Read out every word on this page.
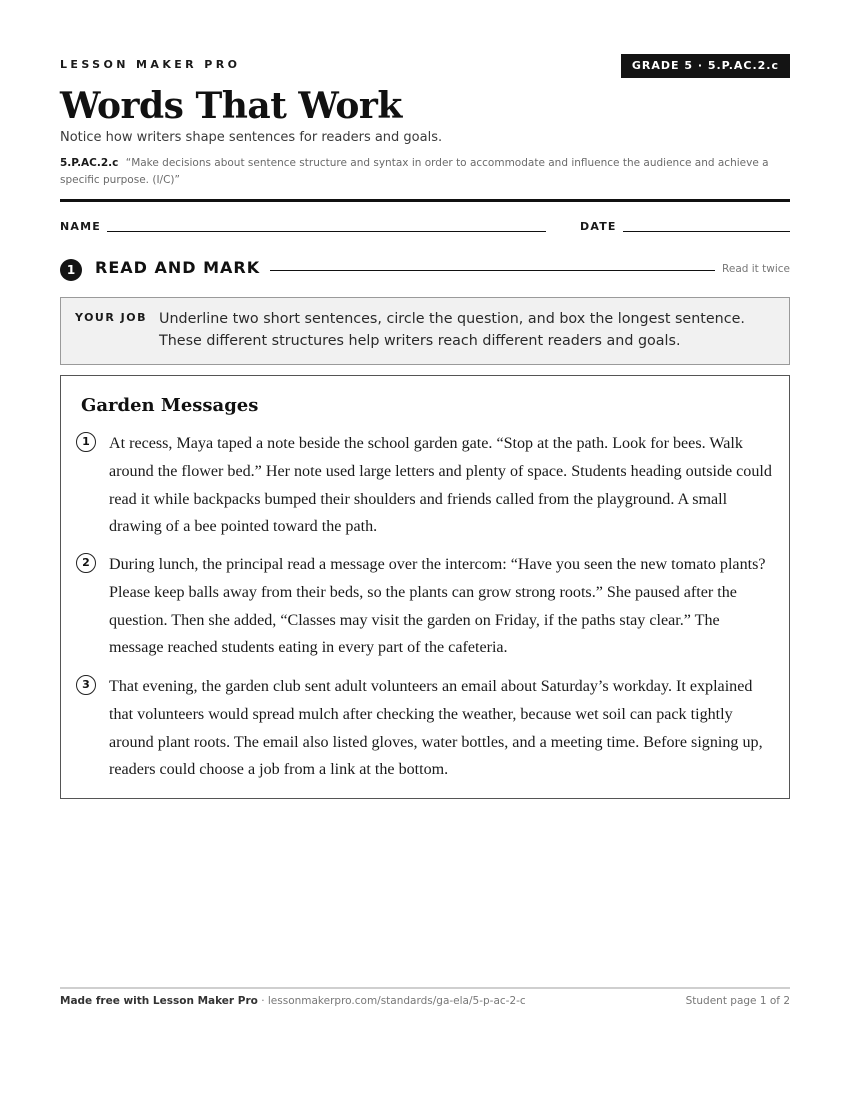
LESSON MAKER PRO	GRADE 5 · 5.P.AC.2.c
Words That Work
Notice how writers shape sentences for readers and goals.
5.P.AC.2.c “Make decisions about sentence structure and syntax in order to accommodate and influence the audience and achieve a specific purpose. (I/C)”
NAME	DATE
1	READ AND MARK	Read it twice
YOUR JOB Underline two short sentences, circle the question, and box the longest sentence. These different structures help writers reach different readers and goals.
Garden Messages
1	At recess, Maya taped a note beside the school garden gate. “Stop at the path. Look for bees. Walk around the flower bed.” Her note used large letters and plenty of space. Students heading outside could read it while backpacks bumped their shoulders and friends called from the playground. A small drawing of a bee pointed toward the path.
2	During lunch, the principal read a message over the intercom: “Have you seen the new tomato plants? Please keep balls away from their beds, so the plants can grow strong roots.” She paused after the question. Then she added, “Classes may visit the garden on Friday, if the paths stay clear.” The message reached students eating in every part of the cafeteria.
3	That evening, the garden club sent adult volunteers an email about Saturday’s workday. It explained that volunteers would spread mulch after checking the weather, because wet soil can pack tightly around plant roots. The email also listed gloves, water bottles, and a meeting time. Before signing up, readers could choose a job from a link at the bottom.
Made free with Lesson Maker Pro · lessonmakerpro.com/standards/ga-ela/5-p-ac-2-c	Student page 1 of 2
